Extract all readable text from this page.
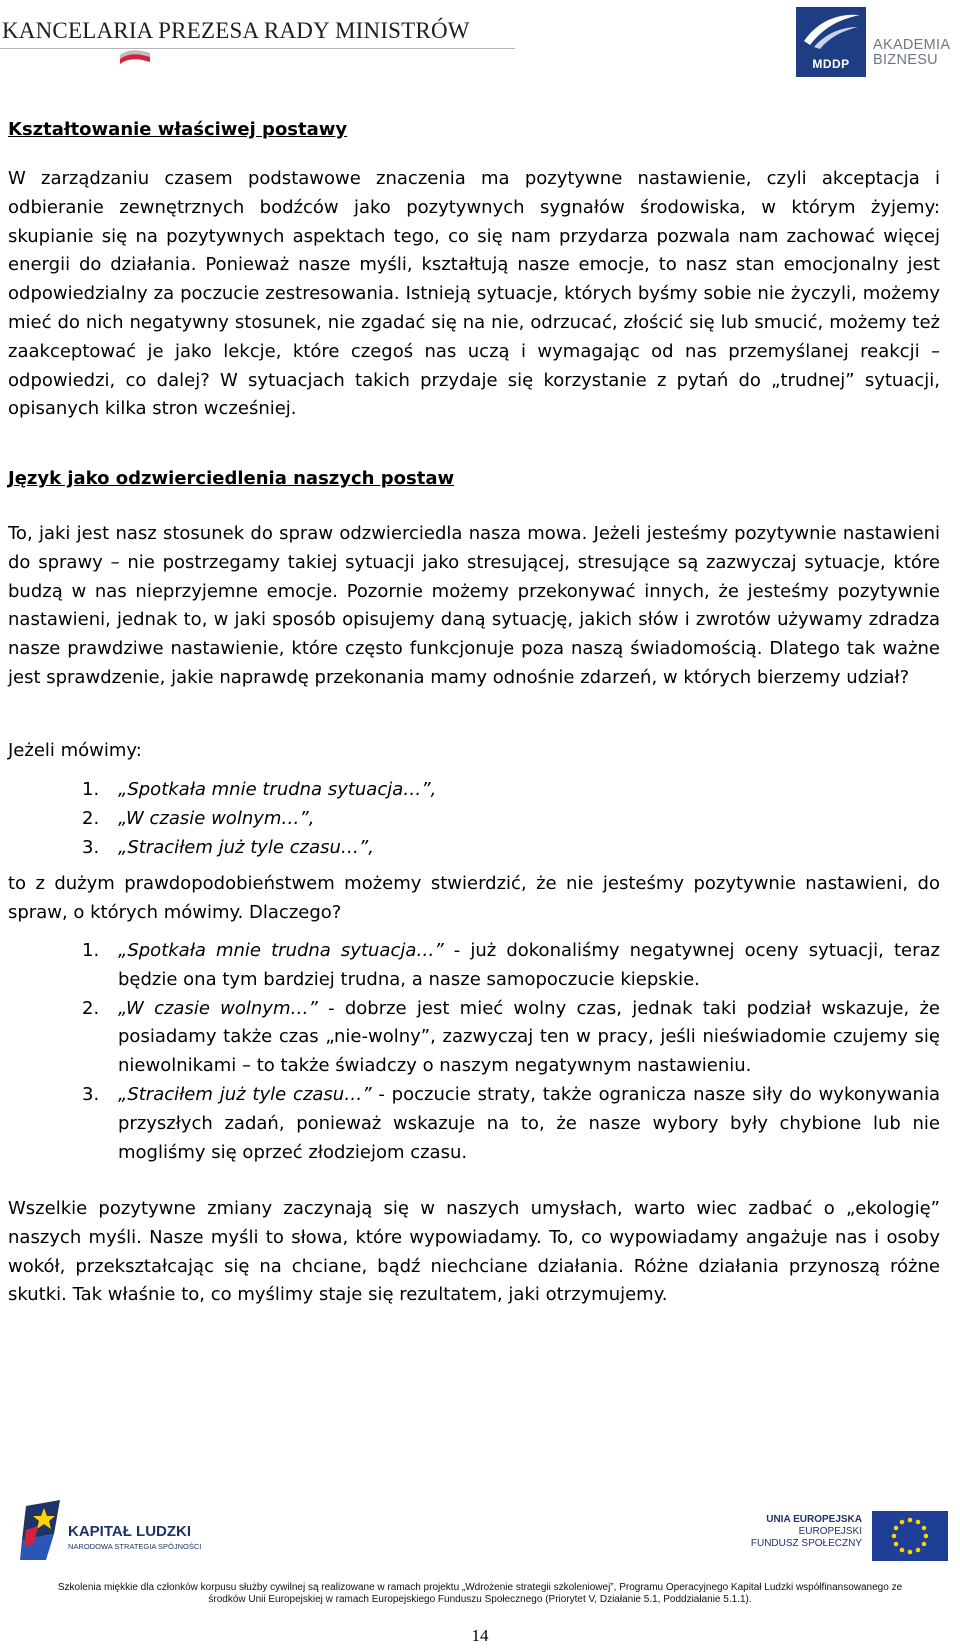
KANCELARIA PREZESA RADY MINISTRÓW
MDDP
AKADEMIA
BIZNESU
Kształtowanie właściwej postawy

W zarządzaniu czasem podstawowe znaczenia ma pozytywne nastawienie, czyli akceptacja i odbieranie zewnętrznych bodźców jako pozytywnych sygnałów środowiska, w którym żyjemy: skupianie się na pozytywnych aspektach tego, co się nam przydarza pozwala nam zachować więcej energii do działania. Ponieważ nasze myśli, kształtują nasze emocje, to nasz stan emocjonalny jest odpowiedzialny za poczucie zestresowania. Istnieją sytuacje, których byśmy sobie nie życzyli, możemy mieć do nich negatywny stosunek, nie zgadać się na nie, odrzucać, złościć się lub smucić, możemy też zaakceptować je jako lekcje, które czegoś nas uczą i wymagając od nas przemyślanej reakcji – odpowiedzi, co dalej? W sytuacjach takich przydaje się korzystanie z pytań do „trudnej” sytuacji, opisanych kilka stron wcześniej.

Język jako odzwierciedlenia naszych postaw

To, jaki jest nasz stosunek do spraw odzwierciedla nasza mowa. Jeżeli jesteśmy pozytywnie nastawieni do sprawy – nie postrzegamy takiej sytuacji jako stresującej, stresujące są zazwyczaj sytuacje, które budzą w nas nieprzyjemne emocje. Pozornie możemy przekonywać innych, że jesteśmy pozytywnie nastawieni, jednak to, w jaki sposób opisujemy daną sytuację, jakich słów i zwrotów używamy zdradza nasze prawdziwe nastawienie, które często funkcjonuje poza naszą świadomością. Dlatego tak ważne jest sprawdzenie, jakie naprawdę przekonania mamy odnośnie zdarzeń, w których bierzemy udział?

Jeżeli mówimy:

1. „Spotkała mnie trudna sytuacja…”,
2. „W czasie wolnym…”,
3. „Straciłem już tyle czasu…”,

to z dużym prawdopodobieństwem możemy stwierdzić, że nie jesteśmy pozytywnie nastawieni, do spraw, o których mówimy. Dlaczego?

1. „Spotkała mnie trudna sytuacja…” - już dokonaliśmy negatywnej oceny sytuacji, teraz będzie ona tym bardziej trudna, a nasze samopoczucie kiepskie.
2. „W czasie wolnym…” - dobrze jest mieć wolny czas, jednak taki podział wskazuje, że posiadamy także czas „nie-wolny”, zazwyczaj ten w pracy, jeśli nieświadomie czujemy się niewolnikami – to także świadczy o naszym negatywnym nastawieniu.
3. „Straciłem już tyle czasu…” - poczucie straty, także ogranicza nasze siły do wykonywania przyszłych zadań, ponieważ wskazuje na to, że nasze wybory były chybione lub nie mogliśmy się oprzeć złodziejom czasu.

Wszelkie pozytywne zmiany zaczynają się w naszych umysłach, warto wiec zadbać o „ekologię” naszych myśli. Nasze myśli to słowa, które wypowiadamy. To, co wypowiadamy angażuje nas i osoby wokół, przekształcając się na chciane, bądź niechciane działania. Różne działania przynoszą różne skutki. Tak właśnie to, co myślimy staje się rezultatem, jaki otrzymujemy.

KAPITAŁ LUDZKI
NARODOWA STRATEGIA SPÓJNOŚCI
UNIA EUROPEJSKA
EUROPEJSKI
FUNDUSZ SPOŁECZNY
Szkolenia miękkie dla członków korpusu służby cywilnej są realizowane w ramach projektu „Wdrożenie strategii szkoleniowej”, Programu Operacyjnego Kapitał Ludzki współfinansowanego ze środków Unii Europejskiej w ramach Europejskiego Funduszu Społecznego (Priorytet V, Działanie 5.1, Poddziałanie 5.1.1).
14
